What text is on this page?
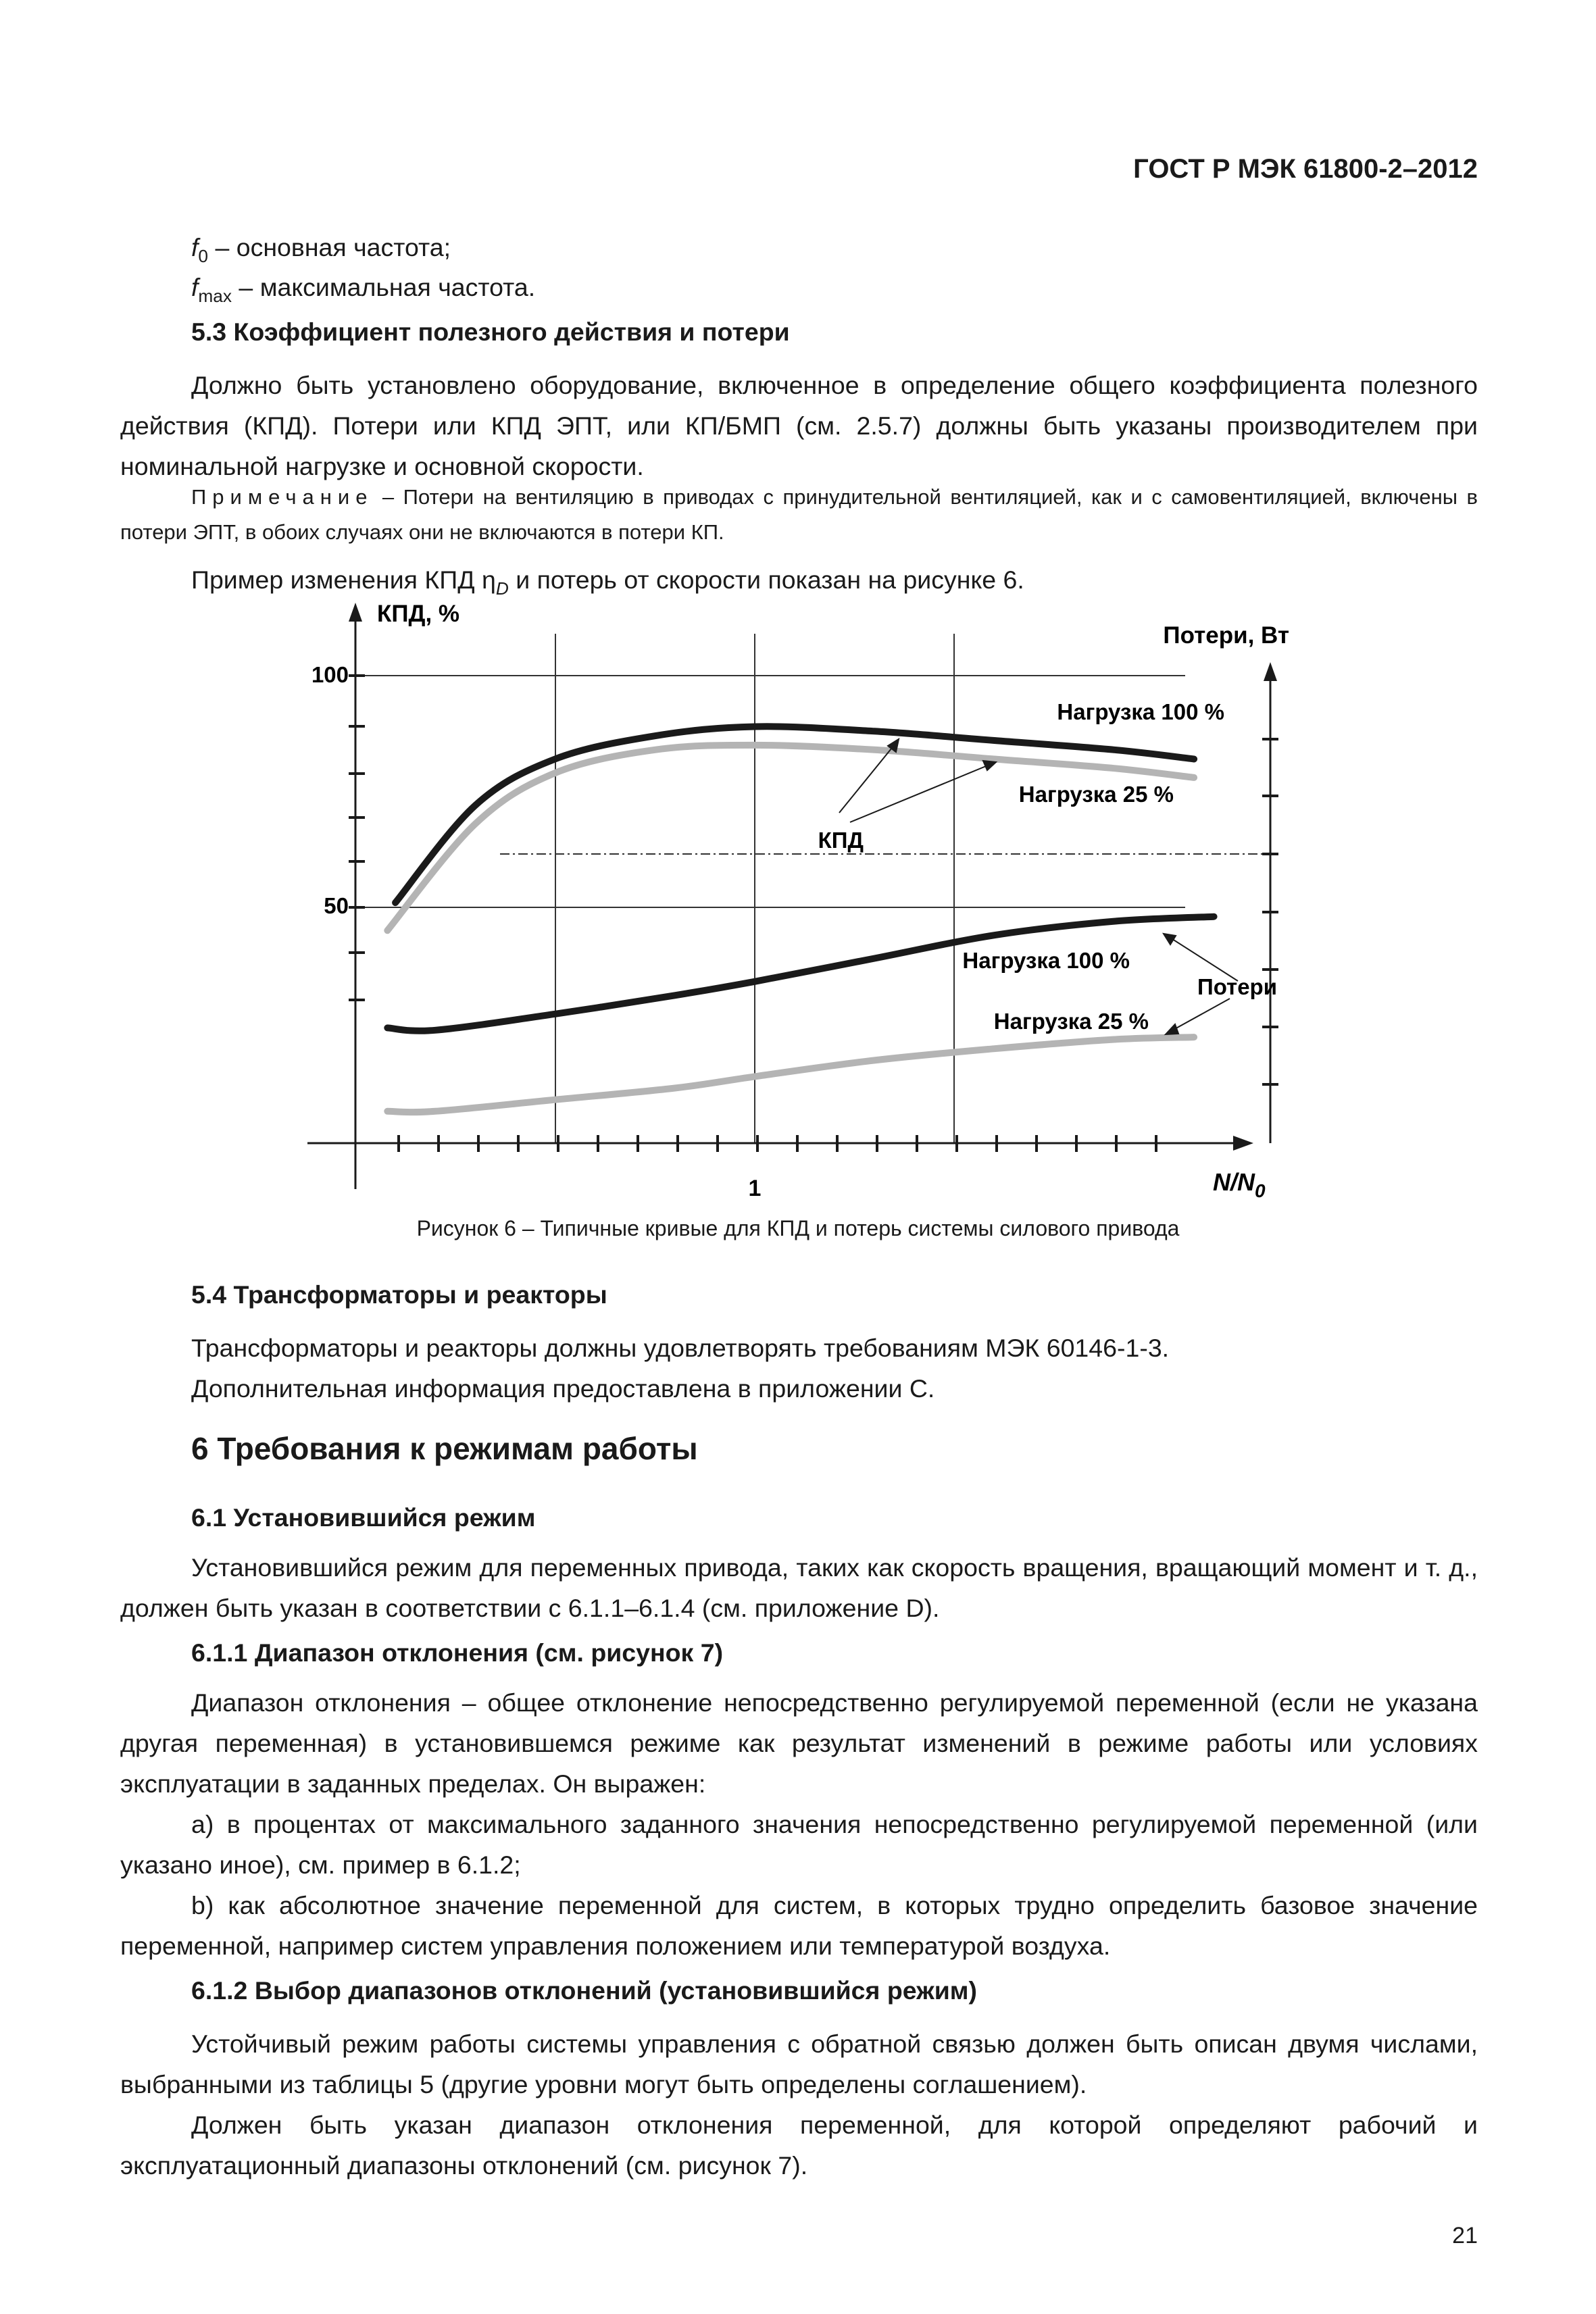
ГОСТ Р МЭК 61800-2–2012
$f_0$ – основная частота;
$f_{max}$ – максимальная частота.
5.3 Коэффициент полезного действия и потери
Должно быть установлено оборудование, включенное в определение общего коэффициента полезного действия (КПД). Потери или КПД ЭПТ, или КП/БМП (см. 2.5.7) должны быть указаны производителем при номинальной нагрузке и основной скорости.
Примечание – Потери на вентиляцию в приводах с принудительной вентиляцией, как и с самовентиляцией, включены в потери ЭПТ, в обоих случаях они не включаются в потери КП.
Пример изменения КПД $\eta_D$ и потерь от скорости показан на рисунке 6.
КПД, %
Потери, Вт
100
50
1	$N/N_0$
Нагрузка 100 %
Нагрузка 25 %
КПД
Нагрузка 100 %
Потери
Нагрузка 25 %
Рисунок 6 – Типичные кривые для КПД и потерь системы силового привода
5.4 Трансформаторы и реакторы
Трансформаторы и реакторы должны удовлетворять требованиям МЭК 60146-1-3.
Дополнительная информация предоставлена в приложении С.
6 Требования к режимам работы
6.1 Установившийся режим
Установившийся режим для переменных привода, таких как скорость вращения, вращающий момент и т. д., должен быть указан в соответствии с 6.1.1–6.1.4 (см. приложение D).
6.1.1 Диапазон отклонения (см. рисунок 7)
Диапазон отклонения – общее отклонение непосредственно регулируемой переменной (если не указана другая переменная) в установившемся режиме как результат изменений в режиме работы или условиях эксплуатации в заданных пределах. Он выражен:
а) в процентах от максимального заданного значения непосредственно регулируемой переменной (или указано иное), см. пример в 6.1.2;
b) как абсолютное значение переменной для систем, в которых трудно определить базовое значение переменной, например систем управления положением или температурой воздуха.
6.1.2 Выбор диапазонов отклонений (установившийся режим)
Устойчивый режим работы системы управления с обратной связью должен быть описан двумя числами, выбранными из таблицы 5 (другие уровни могут быть определены соглашением).
Должен быть указан диапазон отклонения переменной, для которой определяют рабочий и эксплуатационный диапазоны отклонений (см. рисунок 7).
21
